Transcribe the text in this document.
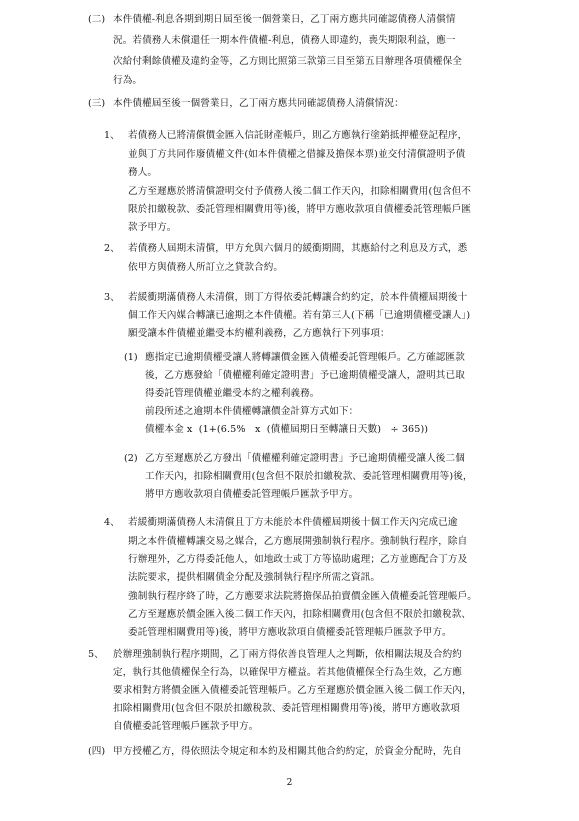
(二) 本件債權-利息各期到期日屆至後一個營業日，乙丁兩方應共同確認債務人清償情
況。若債務人未償還任一期本件債權-利息，債務人即違約，喪失期限利益，應一
次給付剩餘債權及違約金等，乙方則比照第三款第三目至第五目辦理各項債權保全
行為。
(三) 本件債權屆至後一個營業日，乙丁兩方應共同確認債務人清償情況：
1、 若債務人已將清償價金匯入信託財產帳戶，則乙方應執行塗銷抵押權登記程序，
並與丁方共同作廢債權文件(如本件債權之借據及擔保本票)並交付清償證明予債
務人。
乙方至遲應於將清償證明交付予債務人後二個工作天內，扣除相關費用(包含但不
限於扣繳稅款、委託管理相關費用等)後，將甲方應收款項自債權委託管理帳戶匯
款予甲方。
2、 若債務人屆期未清償，甲方允與六個月的緩衝期間，其應給付之利息及方式，悉
依甲方與債務人所訂立之貸款合約。
3、 若緩衝期滿債務人未清償，則丁方得依委託轉讓合約約定，於本件債權屆期後十
個工作天內媒合轉讓已逾期之本件債權。若有第三人(下稱「已逾期債權受讓人」)
願受讓本件債權並繼受本約權利義務，乙方應執行下列事項：
(1) 應指定已逾期債權受讓人將轉讓價金匯入債權委託管理帳戶。乙方確認匯款
後，乙方應發給「債權權利確定證明書」予已逾期債權受讓人，證明其已取
得委託管理債權並繼受本約之權利義務。
前段所述之逾期本件債權轉讓價金計算方式如下：
債權本金 x  (1+(6.5%   x  (債權屆期日至轉讓日天數)   ÷ 365))
(2) 乙方至遲應於乙方發出「債權權利確定證明書」予已逾期債權受讓人後二個
工作天內，扣除相關費用(包含但不限於扣繳稅款、委託管理相關費用等)後，
將甲方應收款項自債權委託管理帳戶匯款予甲方。
4、 若緩衝期滿債務人未清償且丁方未能於本件債權屆期後十個工作天內完成已逾
期之本件債權轉讓交易之媒合，乙方應展開強制執行程序。強制執行程序，除自
行辦理外，乙方得委託他人，如地政士或丁方等協助處理；乙方並應配合丁方及
法院要求，提供相關債金分配及強制執行程序所需之資訊。
強制執行程序終了時，乙方應要求法院將擔保品拍賣價金匯入債權委託管理帳戶。
乙方至遲應於價金匯入後二個工作天內，扣除相關費用(包含但不限於扣繳稅款、
委託管理相關費用等)後，將甲方應收款項自債權委託管理帳戶匯款予甲方。
5、 於辦理強制執行程序期間，乙丁兩方得依善良管理人之判斷，依相關法規及合約約
定，執行其他債權保全行為，以確保甲方權益。若其他債權保全行為生效，乙方應
要求相對方將價金匯入債權委託管理帳戶。乙方至遲應於價金匯入後二個工作天內，
扣除相關費用(包含但不限於扣繳稅款、委託管理相關費用等)後，將甲方應收款項
自債權委託管理帳戶匯款予甲方。
(四) 甲方授權乙方，得依照法令規定和本約及相關其他合約約定，於資金分配時，先自
2
